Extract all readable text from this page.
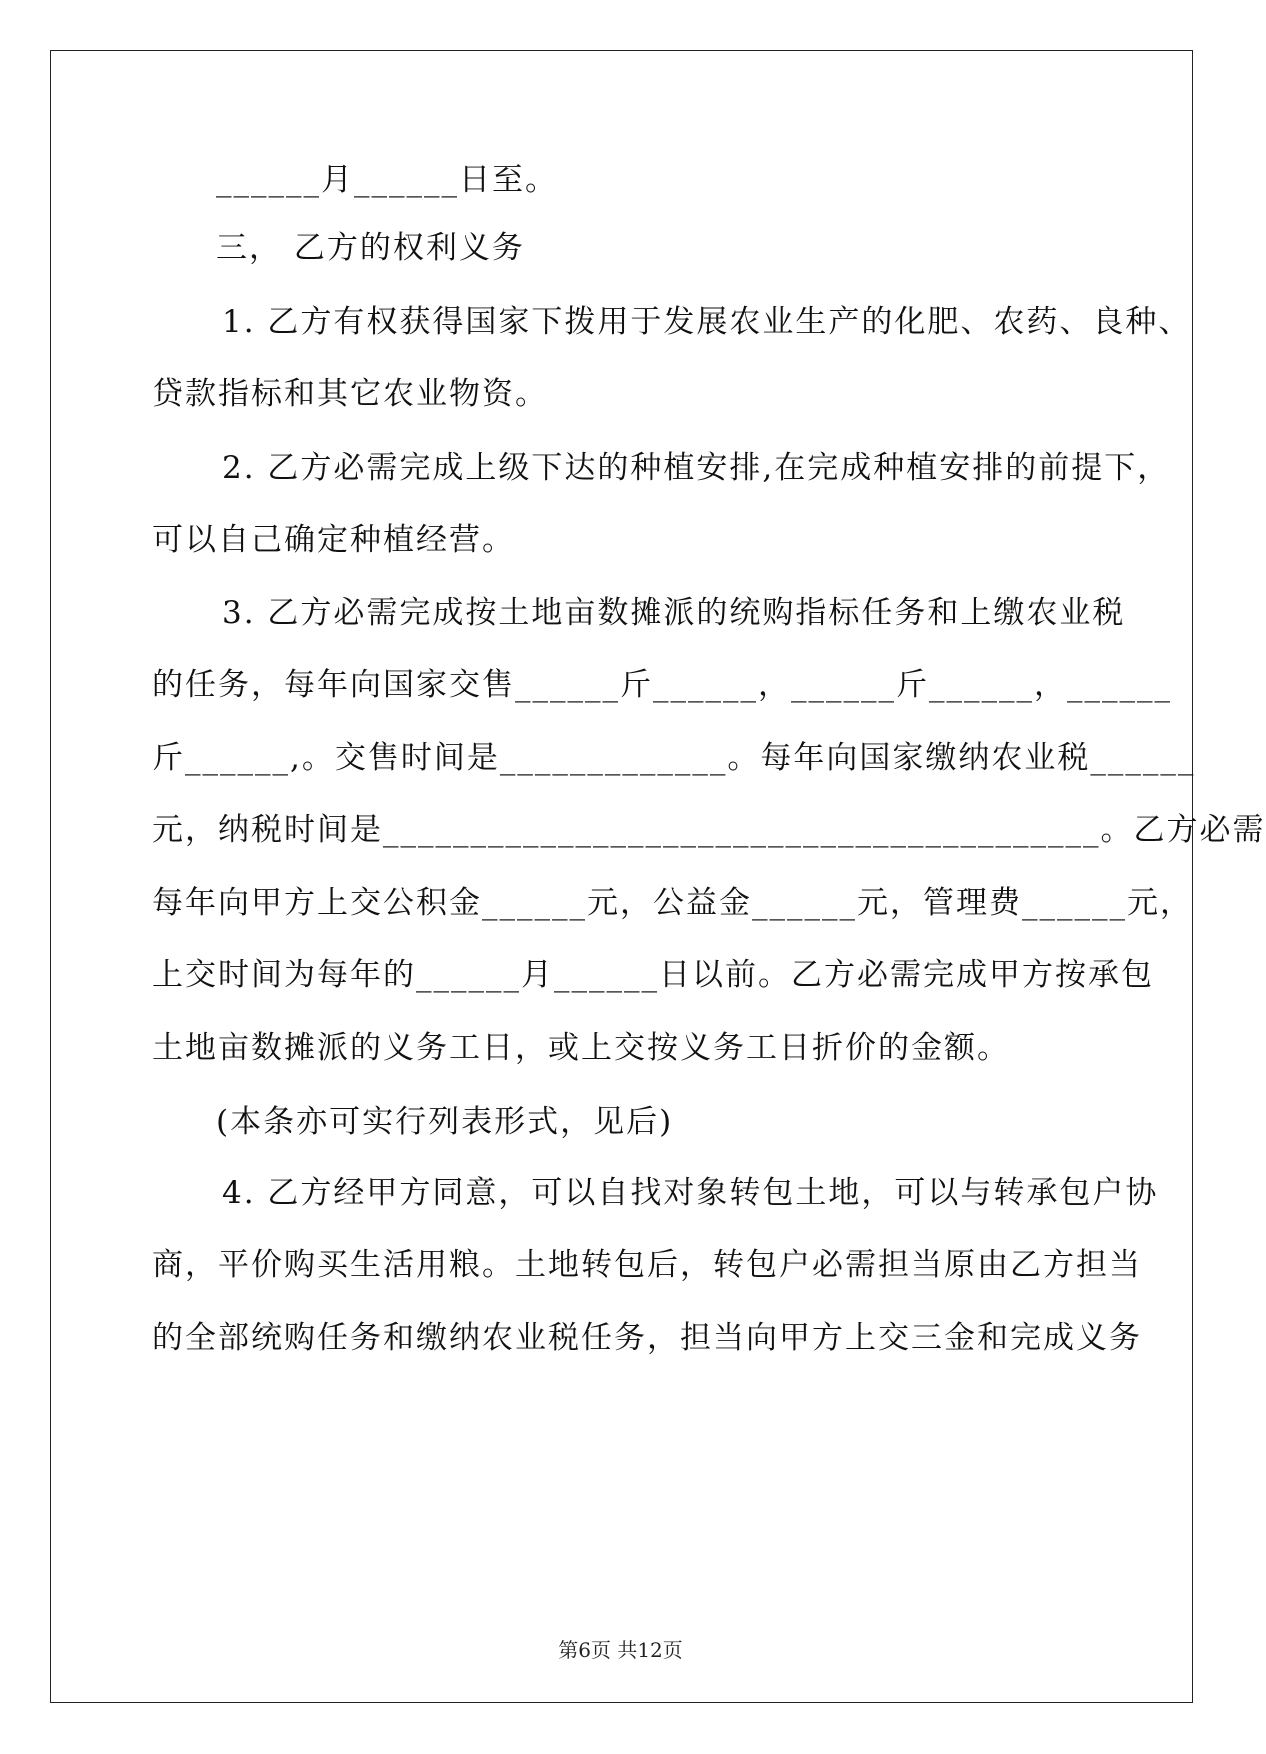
______月______日至。
三， 乙方的权利义务
1. 乙方有权获得国家下拨用于发展农业生产的化肥、农药、良种、
贷款指标和其它农业物资。
2. 乙方必需完成上级下达的种植安排,在完成种植安排的前提下，
可以自己确定种植经营。
3. 乙方必需完成按土地亩数摊派的统购指标任务和上缴农业税
的任务，每年向国家交售______斤______，______斤______，______
斤______,。交售时间是_____________。每年向国家缴纳农业税______
元，纳税时间是_________________________________________。乙方必需
每年向甲方上交公积金______元，公益金______元，管理费______元，
上交时间为每年的______月______日以前。乙方必需完成甲方按承包
土地亩数摊派的义务工日，或上交按义务工日折价的金额。
(本条亦可实行列表形式，见后)
4. 乙方经甲方同意，可以自找对象转包土地，可以与转承包户协
商，平价购买生活用粮。土地转包后，转包户必需担当原由乙方担当
的全部统购任务和缴纳农业税任务，担当向甲方上交三金和完成义务
第6页 共12页
